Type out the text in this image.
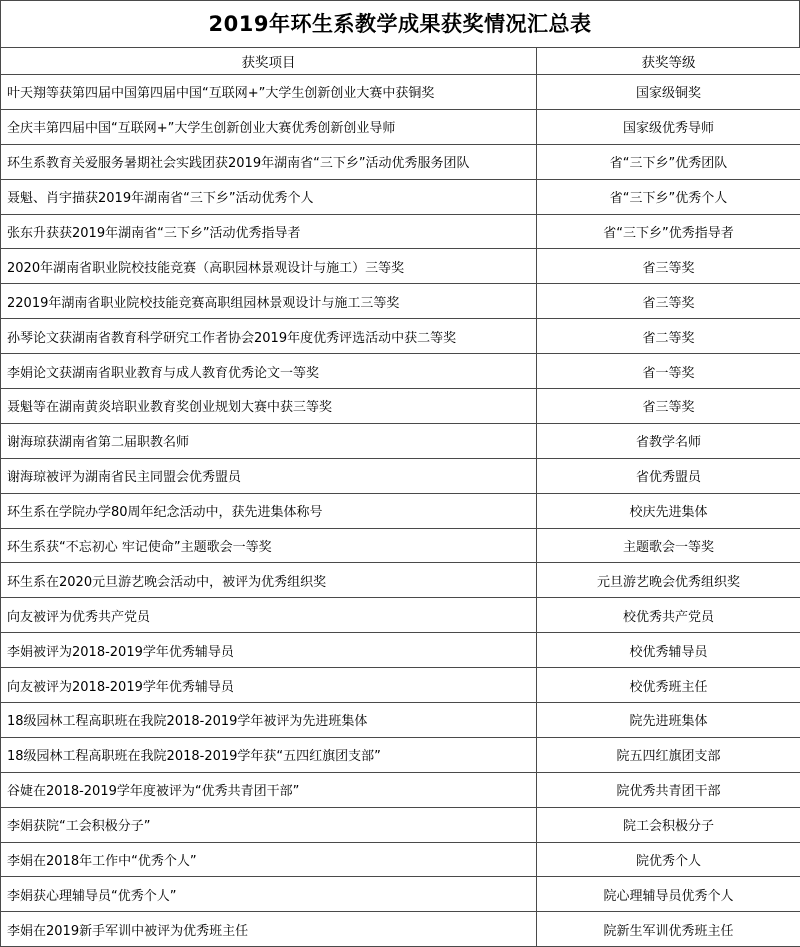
2019年环生系教学成果获奖情况汇总表
获奖项目	获奖等级
叶天翔等获第四届中国第四届中国“互联网+”大学生创新创业大赛中获铜奖	国家级铜奖
全庆丰第四届中国“互联网+”大学生创新创业大赛优秀创新创业导师	国家级优秀导师
环生系教育关爱服务暑期社会实践团获2019年湖南省“三下乡”活动优秀服务团队	省“三下乡”优秀团队
聂魁、肖宇描获2019年湖南省“三下乡”活动优秀个人	省“三下乡”优秀个人
张东升获获2019年湖南省“三下乡”活动优秀指导者	省“三下乡”优秀指导者
2020年湖南省职业院校技能竞赛（高职园林景观设计与施工）三等奖	省三等奖
22019年湖南省职业院校技能竞赛高职组园林景观设计与施工三等奖	省三等奖
孙琴论文获湖南省教育科学研究工作者协会2019年度优秀评选活动中获二等奖	省二等奖
李娟论文获湖南省职业教育与成人教育优秀论文一等奖	省一等奖
聂魁等在湖南黄炎培职业教育奖创业规划大赛中获三等奖	省三等奖
谢海琼获湖南省第二届职教名师	省教学名师
谢海琼被评为湖南省民主同盟会优秀盟员	省优秀盟员
环生系在学院办学80周年纪念活动中，获先进集体称号	校庆先进集体
环生系获“不忘初心 牢记使命”主题歌会一等奖	主题歌会一等奖
环生系在2020元旦游艺晚会活动中，被评为优秀组织奖	元旦游艺晚会优秀组织奖
向友被评为优秀共产党员	校优秀共产党员
李娟被评为2018-2019学年优秀辅导员	校优秀辅导员
向友被评为2018-2019学年优秀辅导员	校优秀班主任
18级园林工程高职班在我院2018-2019学年被评为先进班集体	院先进班集体
18级园林工程高职班在我院2018-2019学年获“五四红旗团支部”	院五四红旗团支部
谷婕在2018-2019学年度被评为“优秀共青团干部”	院优秀共青团干部
李娟获院“工会积极分子”	院工会积极分子
李娟在2018年工作中“优秀个人”	院优秀个人
李娟获心理辅导员“优秀个人”	院心理辅导员优秀个人
李娟在2019新手军训中被评为优秀班主任	院新生军训优秀班主任
